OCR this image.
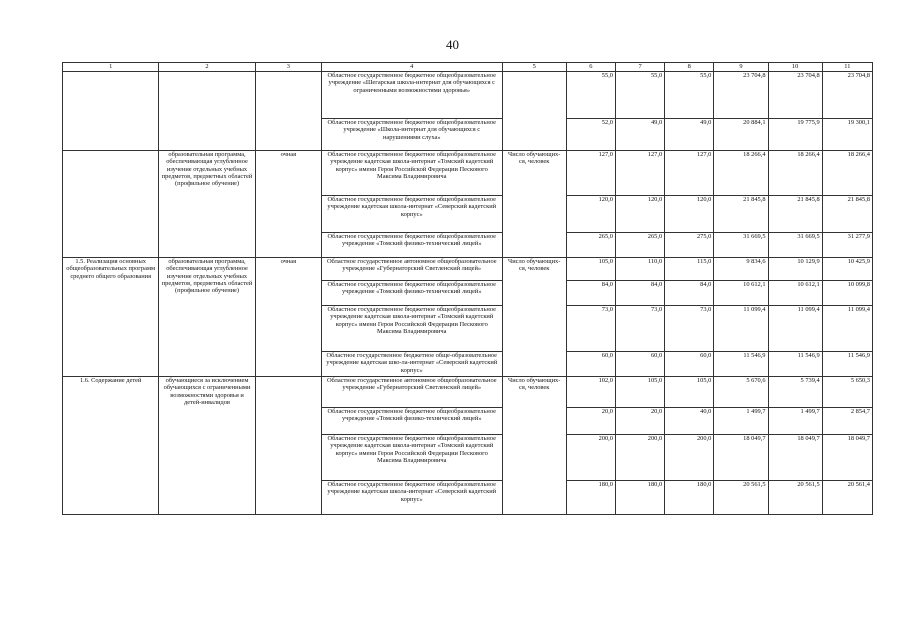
40
1	2	3	4	5	6	7	8	9	10	11
			Областное государственное бюджетное общеобразовательное учреждение «Шегарская школа-интернат для обучающихся с ограниченными возможностями здоровья»		55,0	55,0	55,0	23 704,8	23 704,8	23 704,8
			Областное государственное бюджетное общеобразовательное учреждение «Школа-интернат для обучающихся с нарушениями слуха»		52,0	49,0	49,0	20 884,1	19 775,9	19 300,1
	образовательная программа, обеспечивающая углубленное изучение отдельных учебных предметов, предметных областей (профильное обучение)	очная	Областное государственное бюджетное общеобразовательное учреждение кадетская школа-интернат «Томский кадетский корпус» имени Героя Российской Федерации Пескового Максима Владимировича	Число обучающих-ся, человек	127,0	127,0	127,0	18 266,4	18 266,4	18 266,4
			Областное государственное бюджетное общеобразовательное учреждение кадетская школа-интернат «Северский кадетский корпус»		120,0	120,0	120,0	21 845,8	21 845,8	21 845,8
			Областное государственное бюджетное общеобразовательное учреждение «Томский физико-технический лицей»		265,0	265,0	275,0	31 669,5	31 669,5	31 277,9
1.5. Реализация основных общеобразовательных программ среднего общего образования	образовательная программа, обеспечивающая углубленное изучение отдельных учебных предметов, предметных областей (профильное обучение)	очная	Областное государственное автономное общеобразовательное учреждение «Губернаторский Светленский лицей»	Число обучающих-ся, человек	105,0	110,0	115,0	9 834,6	10 129,9	10 425,9
			Областное государственное бюджетное общеобразовательное учреждение «Томский физико-технический лицей»		84,0	84,0	84,0	10 612,1	10 612,1	10 099,8
			Областное государственное бюджетное общеобразовательное учреждение кадетская школа-интернат «Томский кадетский корпус» имени Героя Российской Федерации Пескового Максима Владимировича		73,0	73,0	73,0	11 099,4	11 099,4	11 099,4
			Областное государственное бюджетное обще-образовательное учреждение кадетская шко-ла-интернат «Северский кадетский корпус»		60,0	60,0	60,0	11 546,9	11 546,9	11 546,9
1.6. Содержание детей	обучающиеся за исключением обучающихся с ограниченными возможностями здоровья и детей-инвалидов		Областное государственное автономное общеобразовательное учреждение «Губернаторский Светленский лицей»	Число обучающих-ся, человек	102,0	105,0	105,0	5 670,6	5 739,4	5 650,3
			Областное государственное бюджетное общеобразовательное учреждение «Томский физико-технический лицей»		20,0	20,0	40,0	1 499,7	1 499,7	2 854,7
			Областное государственное бюджетное общеобразовательное учреждение кадетская школа-интернат «Томский кадетский корпус» имени Героя Российской Федерации Пескового Максима Владимировича		200,0	200,0	200,0	18 049,7	18 049,7	18 049,7
			Областное государственное бюджетное общеобразовательное учреждение кадетская школа-интернат «Северский кадетский корпус»		180,0	180,0	180,0	20 561,5	20 561,5	20 561,4
